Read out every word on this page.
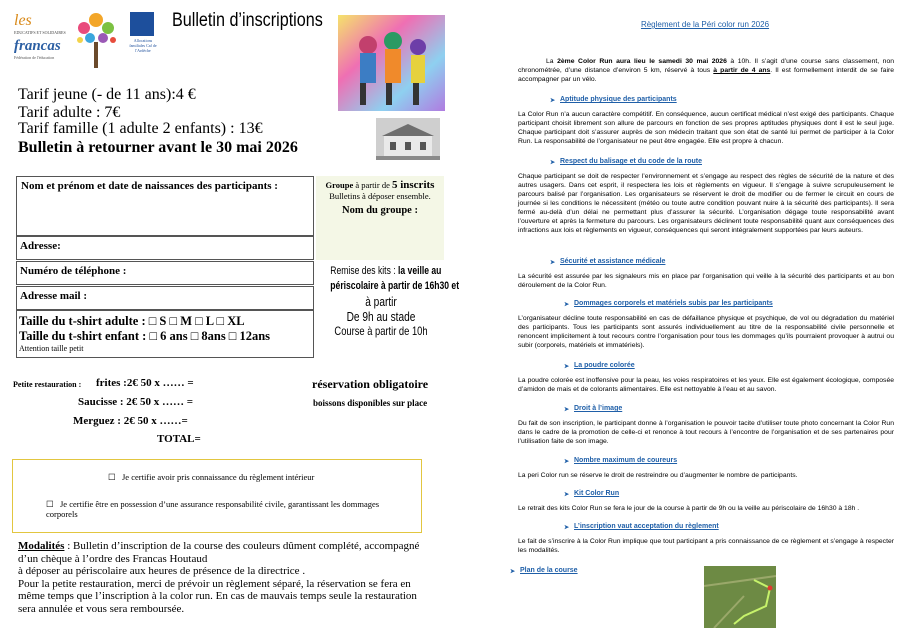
les
EDUCATIFS ET SOLIDAIRES
francas
Fédération de l'éducation
Allocations familiales Caf de l'Ardèche
Bulletin d’inscriptions
Tarif jeune (- de 11 ans):4 €
Tarif adulte : 7€
Tarif famille (1 adulte 2 enfants) : 13€
Bulletin à retourner avant le 30 mai 2026
Nom et prénom et date de naissances des participants :
Adresse:
Numéro de téléphone :
Adresse mail :
Taille du t-shirt adulte : □ S □ M □ L □ XL
Taille du t-shirt enfant : □ 6 ans □ 8ans □ 12ans
Attention taille petit
Groupe à partir de 5 inscrits
Bulletins à déposer ensemble.
Nom du groupe :
Remise des kits : la veille au
périscolaire à partir de 16h30 et
à partir
De 9h au stade
Course à partir de 10h
Petite restauration : frites :2€ 50 x …… =
Saucisse : 2€ 50 x …… =
Merguez : 2€ 50 x ……=
TOTAL=
réservation obligatoire
boissons disponibles sur place
☐ Je certifie avoir pris connaissance du règlement intérieur
☐ Je certifie être en possession d’une assurance responsabilité civile, garantissant les dommages corporels
Modalités : Bulletin d’inscription de la course des couleurs dûment complété, accompagné d’un chèque à l’ordre des Francas Houtaud
à déposer au périscolaire aux heures de présence de la directrice .
Pour la petite restauration, merci de prévoir un règlement séparé, la réservation se fera en même temps que l’inscription à la color run. En cas de mauvais temps seule la restauration sera annulée et vous sera remboursée.
Règlement de la Péri color run 2026
La 2ème Color Run aura lieu le samedi 30 mai 2026 à 10h. Il s’agit d’une course sans classement, non chronométrée, d’une distance d’environ 5 km, réservé à tous à partir de 4 ans. Il est formellement interdit de se faire accompagner par un vélo.
➤ Aptitude physique des participants
La Color Run n’a aucun caractère compétitif. En conséquence, aucun certificat médical n’est exigé des participants. Chaque participant choisit librement son allure de parcours en fonction de ses propres aptitudes physiques dont il est le seul juge. Chaque participant doit s’assurer auprès de son médecin traitant que son état de santé lui permet de participer à la Color Run. La responsabilité de l’organisateur ne peut être engagée. Elle est propre à chacun.
➤ Respect du balisage et du code de la route
Chaque participant se doit de respecter l’environnement et s’engage au respect des règles de sécurité de la nature et des autres usagers. Dans cet esprit, il respectera les lois et règlements en vigueur. Il s’engage à suivre scrupuleusement le parcours balisé par l’organisation. Les organisateurs se réservent le droit de modifier ou de fermer le circuit en cours de journée si les conditions le nécessitent (météo ou toute autre condition pouvant nuire à la sécurité des participants). Il sera fermé au-delà d’un délai ne permettant plus d’assurer la sécurité. L’organisation dégage toute responsabilité avant l’ouverture et après la fermeture du parcours. Les organisateurs déclinent toute responsabilité quant aux conséquences des infractions aux lois et règlements en vigueur, conséquences qui seront intégralement supportées par leurs auteurs.
➤ Sécurité et assistance médicale
La sécurité est assurée par les signaleurs mis en place par l’organisation qui veille à la sécurité des participants et au bon déroulement de la Color Run.
➤ Dommages corporels et matériels subis par les participants
L’organisateur décline toute responsabilité en cas de défaillance physique et psychique, de vol ou dégradation du matériel des participants. Tous les participants sont assurés individuellement au titre de la responsabilité civile personnelle et renoncent implicitement à tout recours contre l’organisation pour tous les dommages qu’ils pourraient provoquer à autrui ou subir (corporels, matériels et immatériels).
➤ La poudre colorée
La poudre colorée est inoffensive pour la peau, les voies respiratoires et les yeux. Elle est également écologique, composée d’amidon de mais et de colorants alimentaires. Elle est nettoyable à l’eau et au savon.
➤ Droit à l’image
Du fait de son inscription, le participant donne à l’organisation le pouvoir tacite d’utiliser toute photo concernant la Color Run dans le cadre de la promotion de celle-ci et renonce à tout recours à l’encontre de l’organisation et de ses partenaires pour l’utilisation faite de son image.
➤ Nombre maximum de coureurs
La peri Color run se réserve le droit de restreindre ou d’augmenter le nombre de participants.
➤ Kit Color Run
Le retrait des kits Color Run se fera le jour de la course à partir de 9h ou la veille au périscolaire de 16h30 à 18h .
➤ L’inscription vaut acceptation du règlement
Le fait de s’inscrire à la Color Run implique que tout participant a pris connaissance de ce règlement et s’engage à respecter les modalités.
➤ Plan de la course
